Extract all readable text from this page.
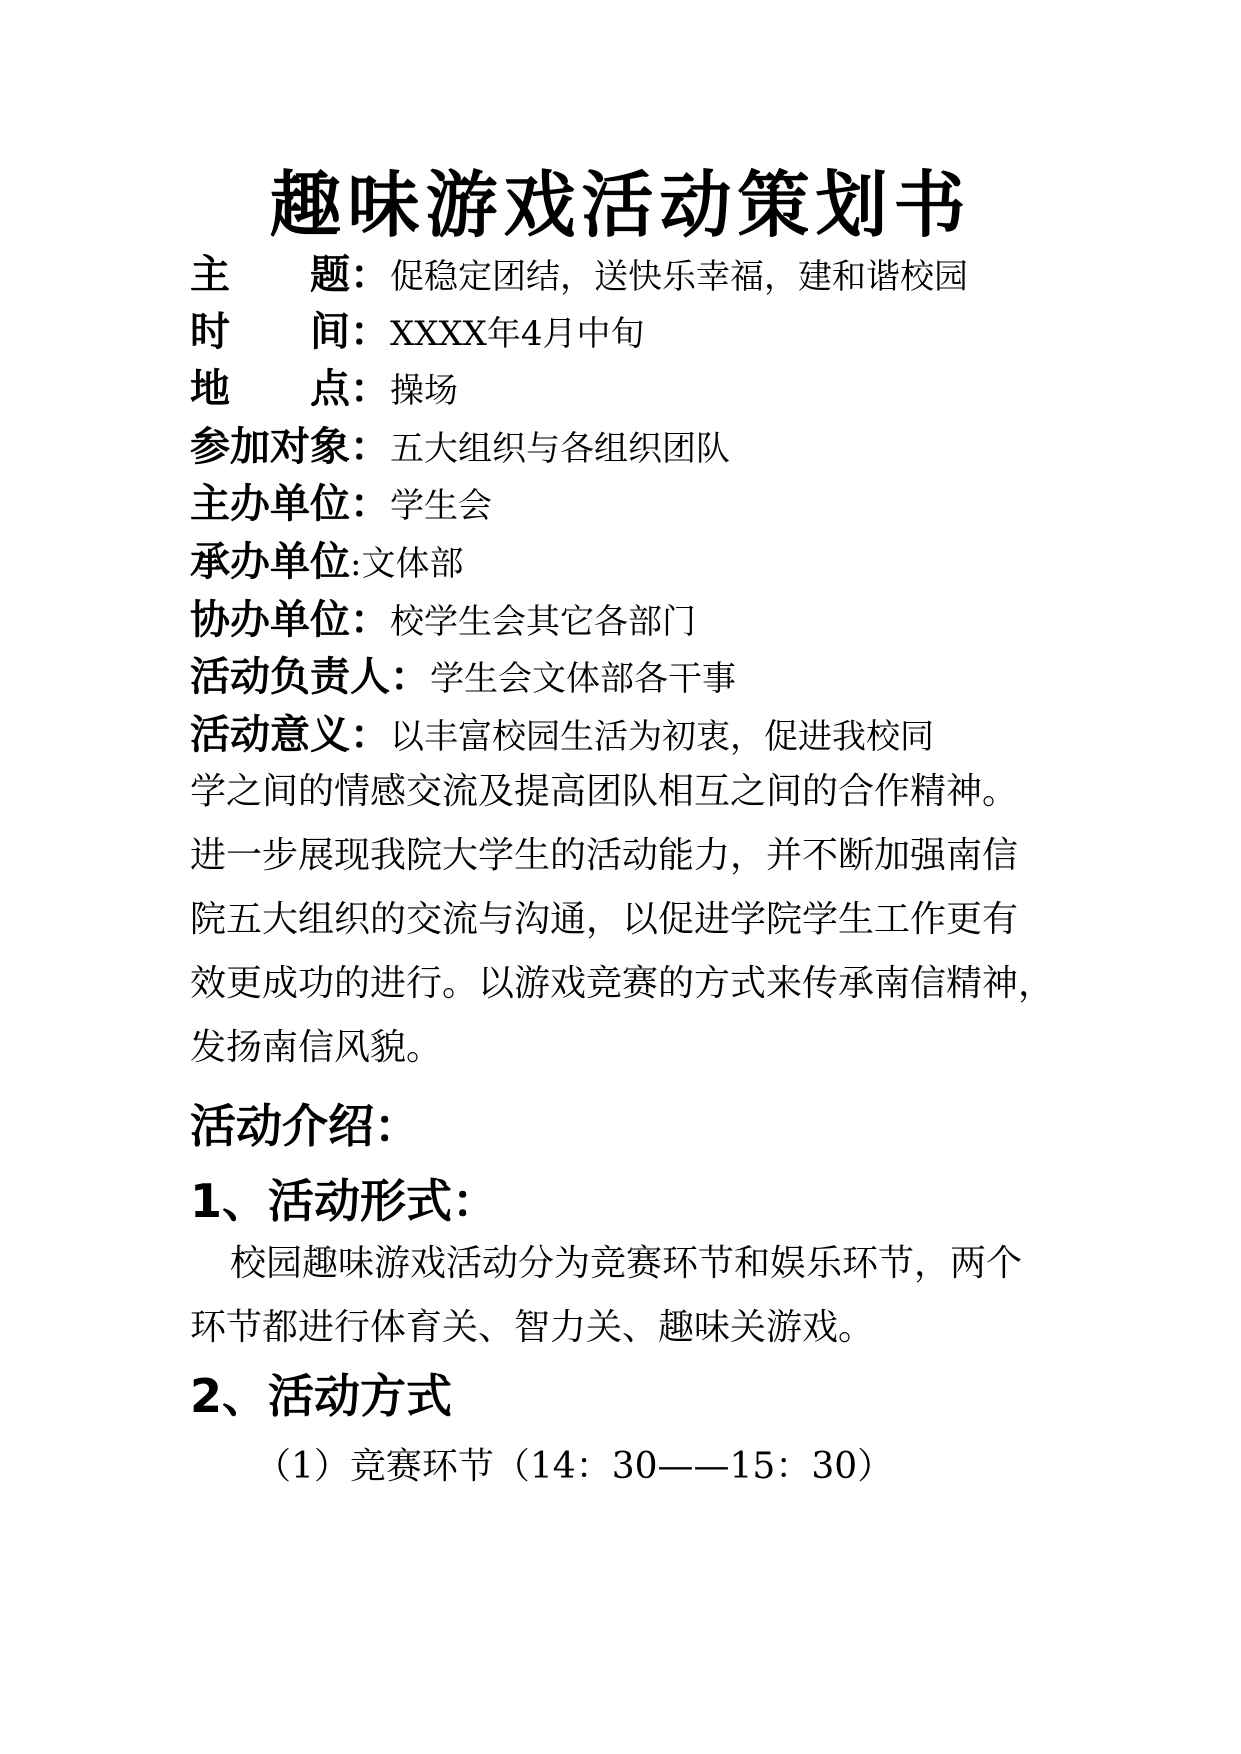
趣味游戏活动策划书
主　　题：促稳定团结，送快乐幸福，建和谐校园
时　　间：XXXX年4月中旬
地　　点：操场
参加对象：五大组织与各组织团队
主办单位：学生会
承办单位:文体部
协办单位：校学生会其它各部门
活动负责人：学生会文体部各干事
活动意义：以丰富校园生活为初衷，促进我校同
学之间的情感交流及提高团队相互之间的合作精神。
进一步展现我院大学生的活动能力，并不断加强南信
院五大组织的交流与沟通，以促进学院学生工作更有
效更成功的进行。以游戏竞赛的方式来传承南信精神，
发扬南信风貌。
活动介绍：
1、活动形式：
校园趣味游戏活动分为竞赛环节和娱乐环节，两个
环节都进行体育关、智力关、趣味关游戏。
2、活动方式
（1）竞赛环节（14：30——15：30）
